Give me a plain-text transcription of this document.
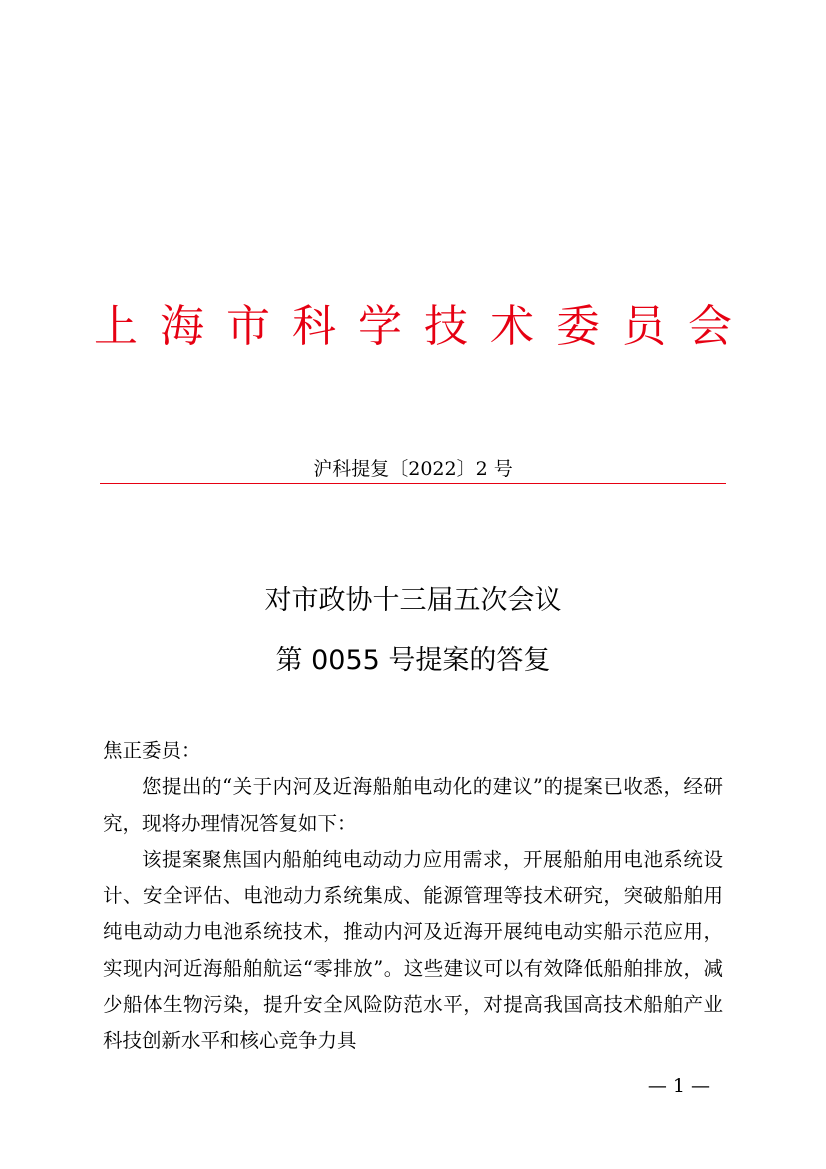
上海市科学技术委员会
沪科提复〔2022〕2 号
对市政协十三届五次会议
第 0055 号提案的答复
焦正委员：

您提出的“关于内河及近海船舶电动化的建议”的提案已收悉，经研究，现将办理情况答复如下：

该提案聚焦国内船舶纯电动动力应用需求，开展船舶用电池系统设计、安全评估、电池动力系统集成、能源管理等技术研究，突破船舶用纯电动动力电池系统技术，推动内河及近海开展纯电动实船示范应用，实现内河近海船舶航运“零排放”。这些建议可以有效降低船舶排放，减少船体生物污染，提升安全风险防范水平，对提高我国高技术船舶产业科技创新水平和核心竞争力具

— 1 —
